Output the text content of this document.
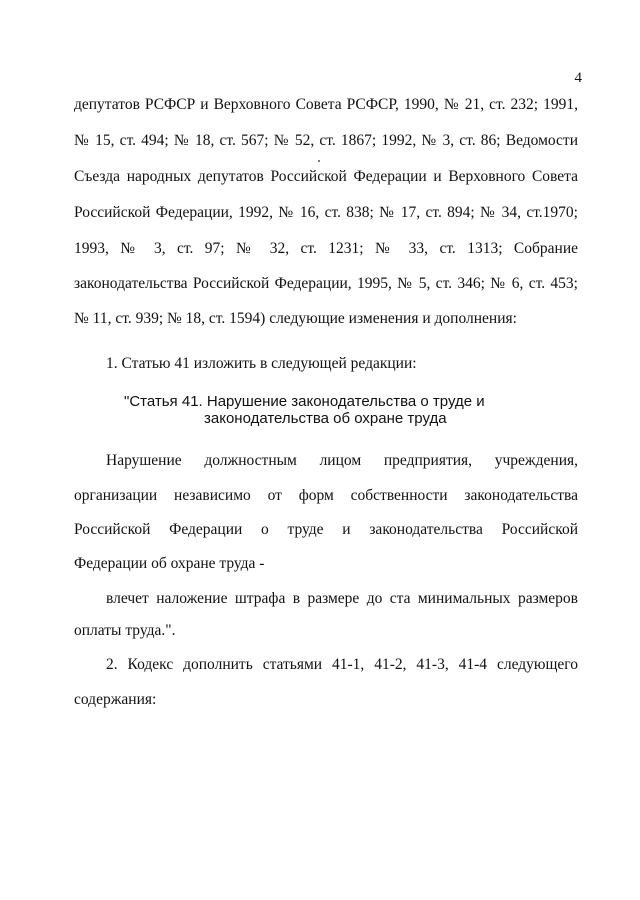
4
депутатов РСФСР и Верховного Совета РСФСР, 1990, № 21, ст. 232; 1991,
№ 15, ст. 494; № 18, ст. 567; № 52, ст. 1867; 1992, № 3, ст. 86; Ведомости
Съезда народных депутатов Российской Федерации и Верховного Совета
Российской Федерации, 1992, № 16, ст. 838; № 17, ст. 894; № 34, ст.1970;
1993, № 3, ст. 97; № 32, ст. 1231; № 33, ст. 1313; Собрание
законодательства Российской Федерации, 1995, № 5, ст. 346; № 6, ст. 453;
№ 11, ст. 939; № 18, ст. 1594) следующие изменения и дополнения:
1. Статью 41 изложить в следующей редакции:
"Статья 41. Нарушение законодательства о труде и
законодательства об охране труда
Нарушение должностным лицом предприятия, учреждения,
организации независимо от форм собственности законодательства
Российской Федерации о труде и законодательства Российской
Федерации об охране труда -
влечет наложение штрафа в размере до ста минимальных размеров
оплаты труда.".
2. Кодекс дополнить статьями 41-1, 41-2, 41-3, 41-4 следующего
содержания:
